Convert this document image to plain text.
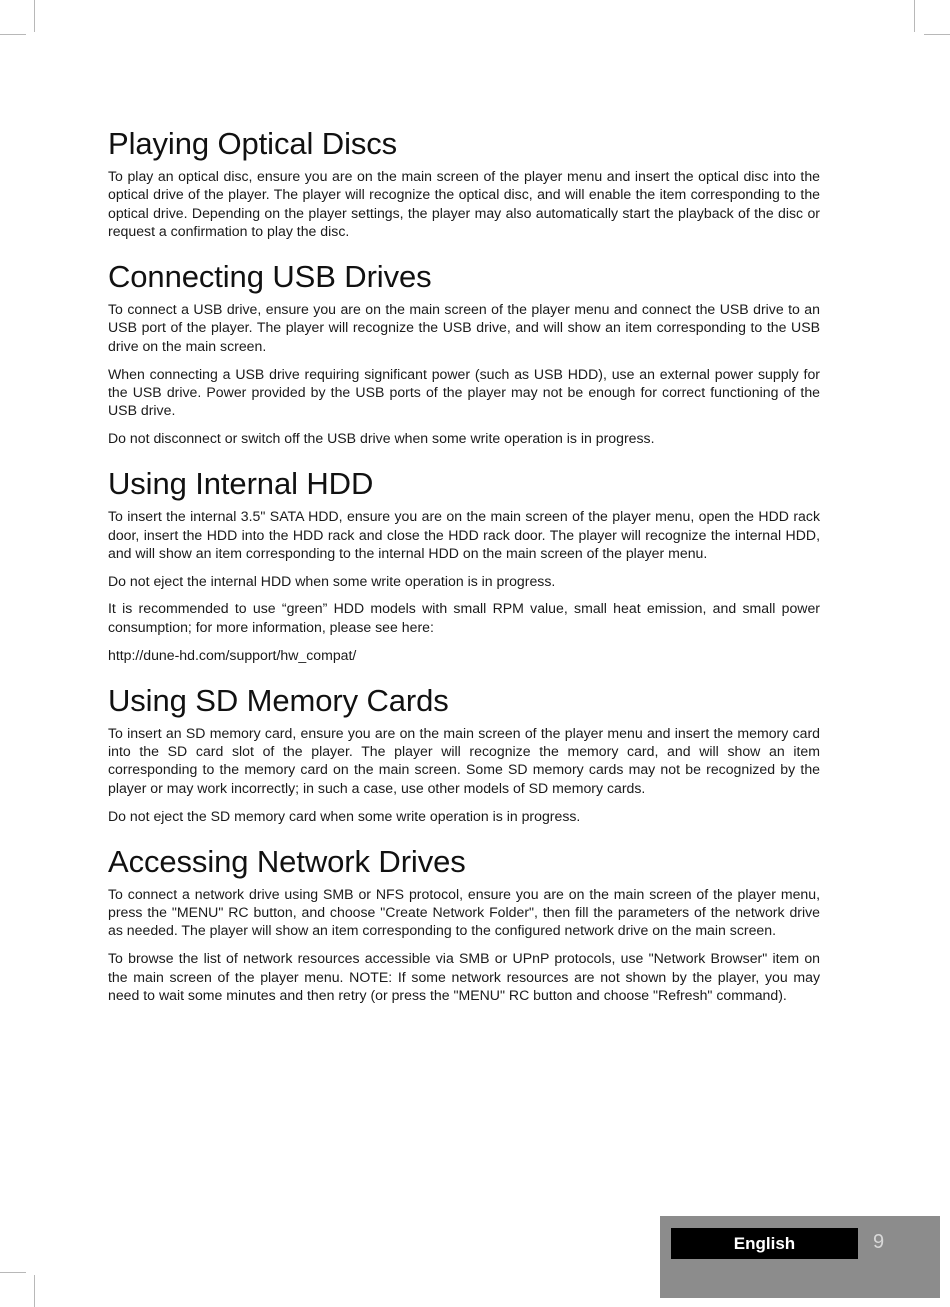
Playing Optical Discs

To play an optical disc, ensure you are on the main screen of the player menu and insert the optical disc into the optical drive of the player. The player will recognize the optical disc, and will enable the item corresponding to the optical drive. Depending on the player settings, the player may also automatically start the playback of the disc or request a confirmation to play the disc.

Connecting USB Drives

To connect a USB drive, ensure you are on the main screen of the player menu and connect the USB drive to an USB port of the player. The player will recognize the USB drive, and will show an item corresponding to the USB drive on the main screen.

When connecting a USB drive requiring significant power (such as USB HDD), use an external power supply for the USB drive. Power provided by the USB ports of the player may not be enough for correct functioning of the USB drive.

Do not disconnect or switch off the USB drive when some write operation is in progress.

Using Internal HDD

To insert the internal 3.5" SATA HDD, ensure you are on the main screen of the player menu, open the HDD rack door, insert the HDD into the HDD rack and close the HDD rack door. The player will recognize the internal HDD, and will show an item corresponding to the internal HDD on the main screen of the player menu.

Do not eject the internal HDD when some write operation is in progress.

It is recommended to use “green” HDD models with small RPM value, small heat emission, and small power consumption; for more information, please see here:

http://dune-hd.com/support/hw_compat/

Using SD Memory Cards

To insert an SD memory card, ensure you are on the main screen of the player menu and insert the memory card into the SD card slot of the player. The player will recognize the memory card, and will show an item corresponding to the memory card on the main screen. Some SD memory cards may not be recognized by the player or may work incorrectly; in such a case, use other models of SD memory cards.

Do not eject the SD memory card when some write operation is in progress.

Accessing Network Drives

To connect a network drive using SMB or NFS protocol, ensure you are on the main screen of the player menu, press the "MENU" RC button, and choose "Create Network Folder", then fill the parameters of the network drive as needed. The player will show an item corresponding to the configured network drive on the main screen.

To browse the list of network resources accessible via SMB or UPnP protocols, use "Network Browser" item on the main screen of the player menu. NOTE: If some network resources are not shown by the player, you may need to wait some minutes and then retry (or press the "MENU" RC button and choose "Refresh" command).

English	9
